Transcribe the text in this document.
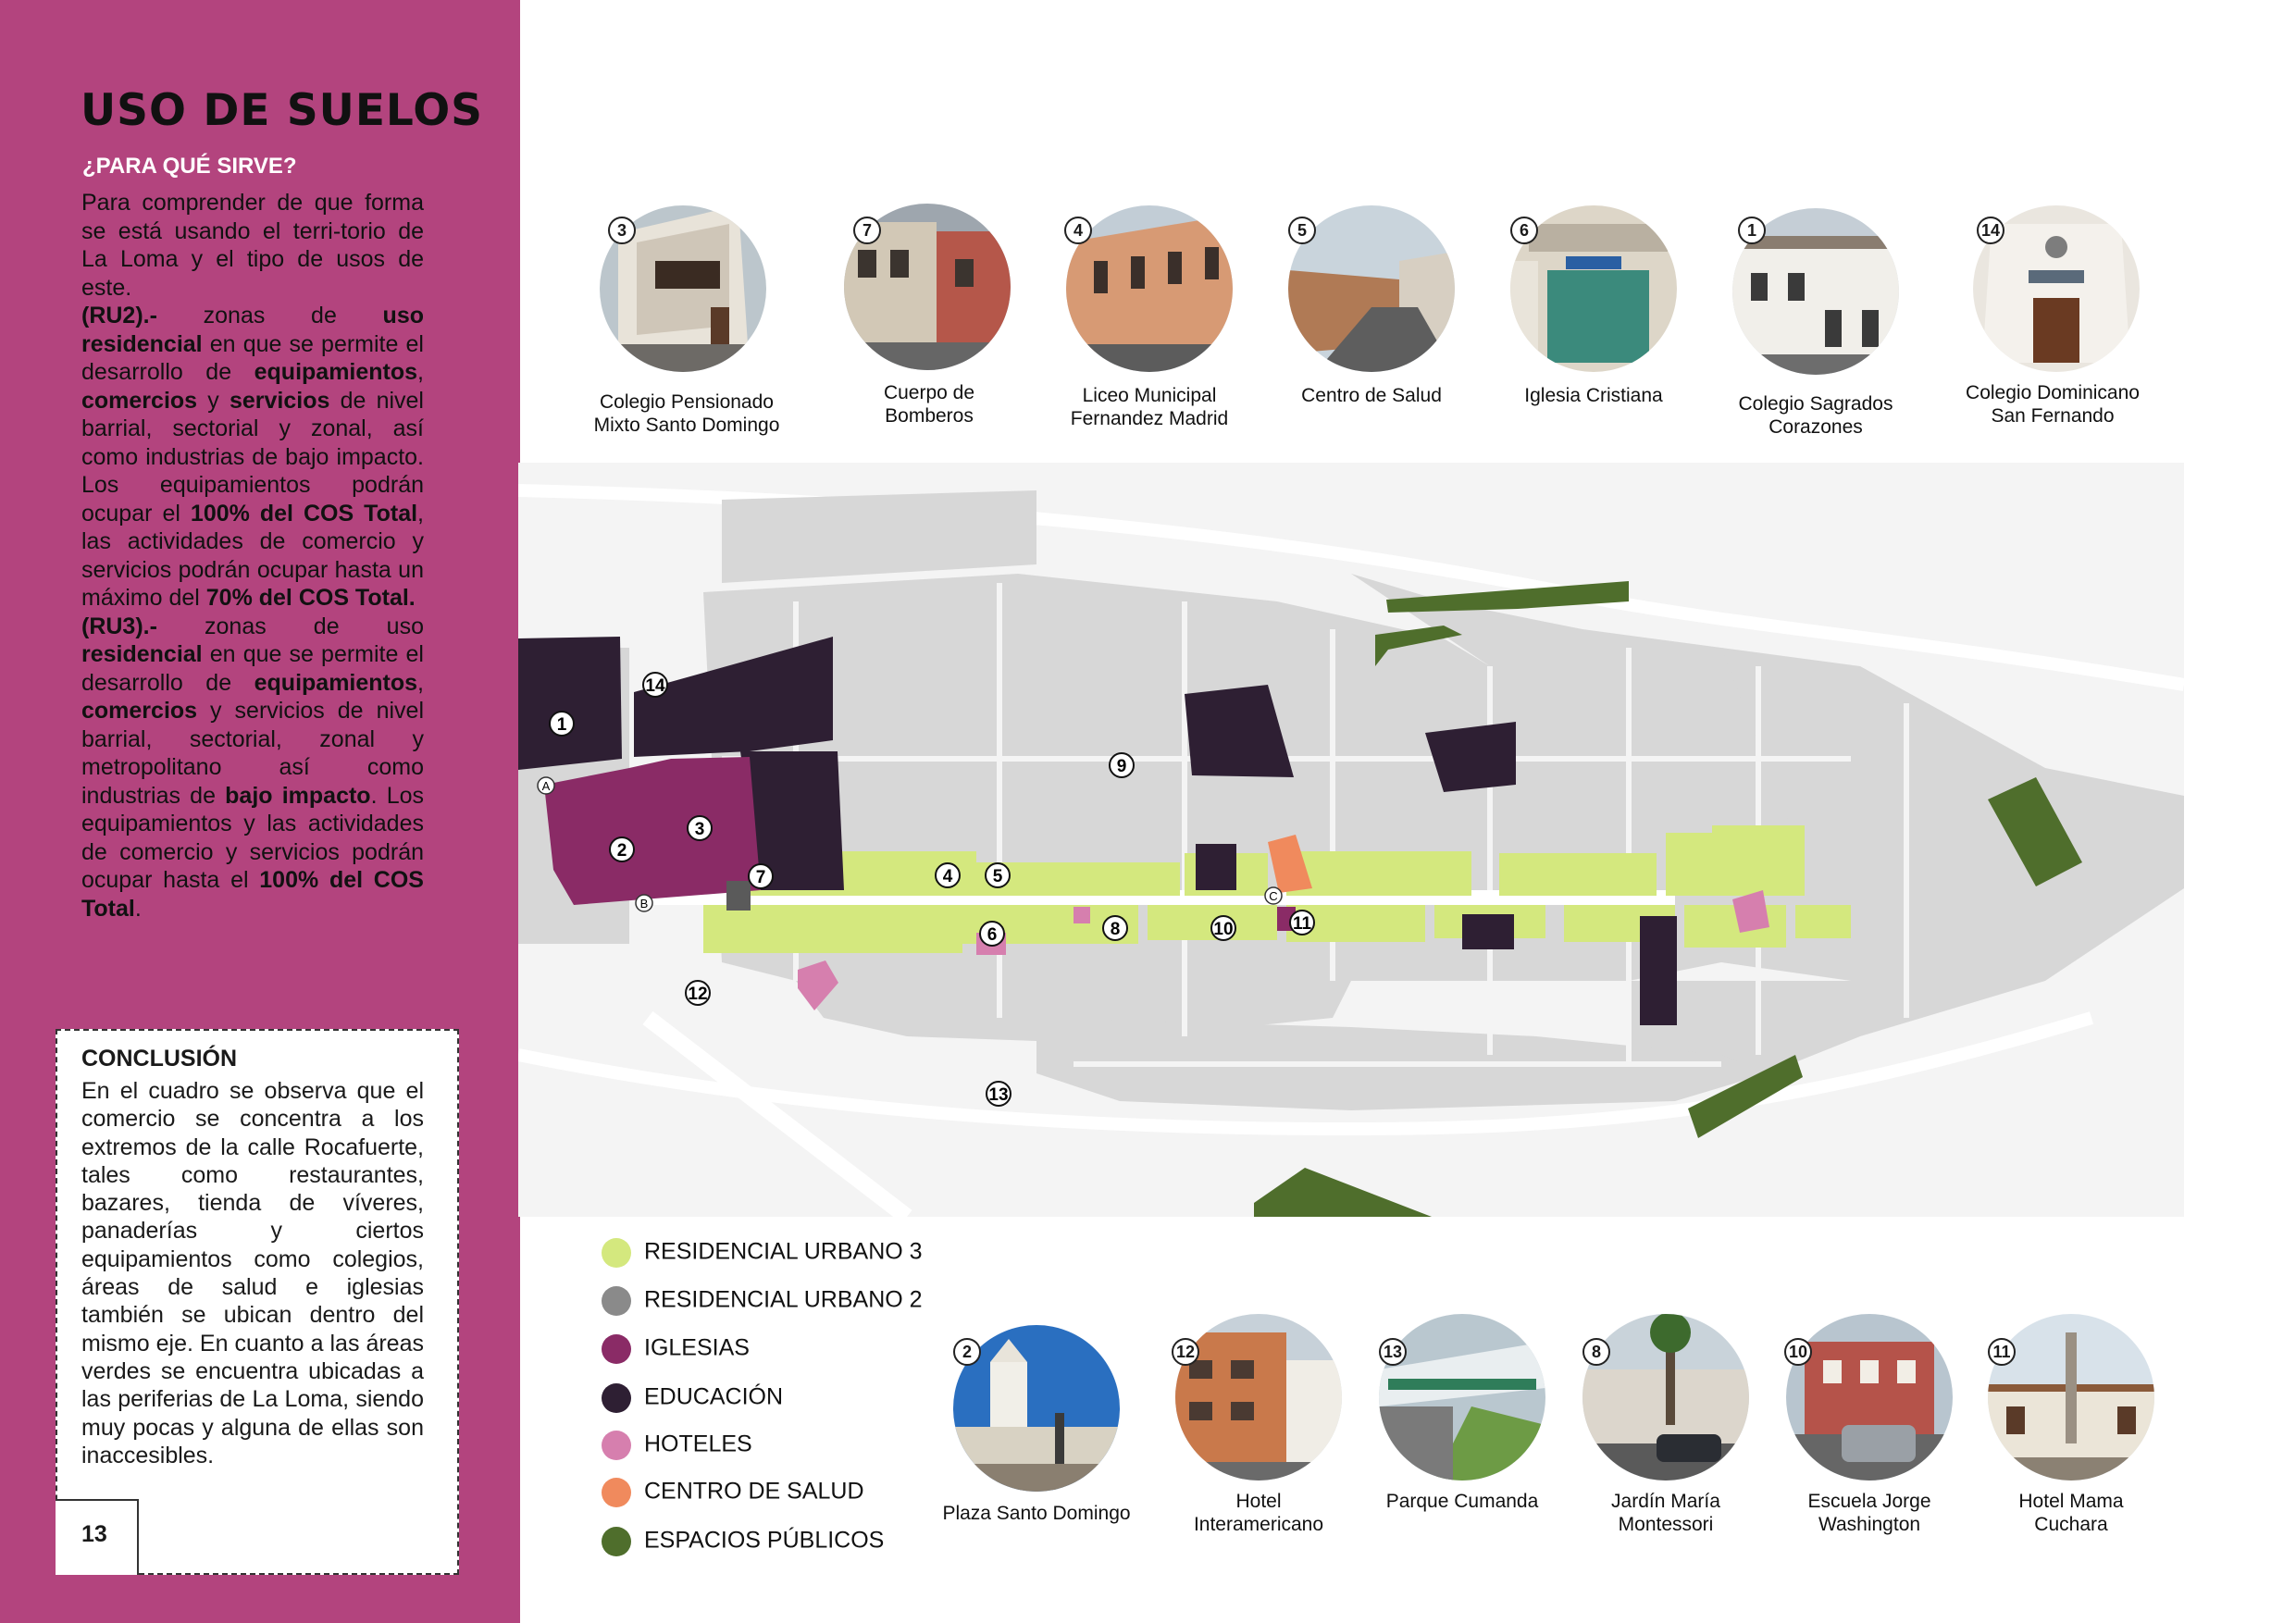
USO DE SUELOS
¿PARA QUÉ SIRVE?

Para comprender de que forma se está usando el terri-torio de La Loma y el tipo de usos de este.

(RU2).- zonas de uso residencial en que se permite el desarrollo de equipamientos, comercios y servicios de nivel barrial, sectorial y zonal, así como industrias de bajo impacto. Los equipamientos podrán ocupar el 100% del COS Total, las actividades de comercio y servicios podrán ocupar hasta un máximo del 70% del COS Total.

(RU3).- zonas de uso residencial en que se permite el desarrollo de equipamientos, comercios y servicios de nivel barrial, sectorial, zonal y metropolitano así como industrias de bajo impacto. Los equipamientos y las actividades de comercio y servicios podrán ocupar hasta el 100% del COS Total.

CONCLUSIÓN
En el cuadro se observa que el comercio se concentra a los extremos de la calle Rocafuerte, tales como restaurantes, bazares, tienda de víveres, panaderías y ciertos equipamientos como colegios, áreas de salud e iglesias también se ubican dentro del mismo eje. En cuanto a las áreas verdes se encuentra ubicadas a las periferias de La Loma, siendo muy pocas y alguna de ellas son inaccesibles.
13
3	7	4	5	6	1	14
Colegio Pensionado
Mixto Santo Domingo
Cuerpo de
Bomberos
Liceo Municipal
Fernandez Madrid
Centro de Salud	Iglesia Cristiana	Colegio Sagrados
Corazones
Colegio Dominicano
San Fernando
1
14
2
3
7	4 5
6	8
9
10	11
12
13
A
B
C
RESIDENCIAL URBANO 3
RESIDENCIAL URBANO 2
IGLESIAS
EDUCACIÓN
HOTELES
CENTRO DE SALUD
ESPACIOS PÚBLICOS
2	12	13	8	10	11
Plaza Santo Domingo
Hotel
Interamericano
Parque Cumanda	Jardín María
Montessori
Escuela Jorge
Washington
Hotel Mama
Cuchara
